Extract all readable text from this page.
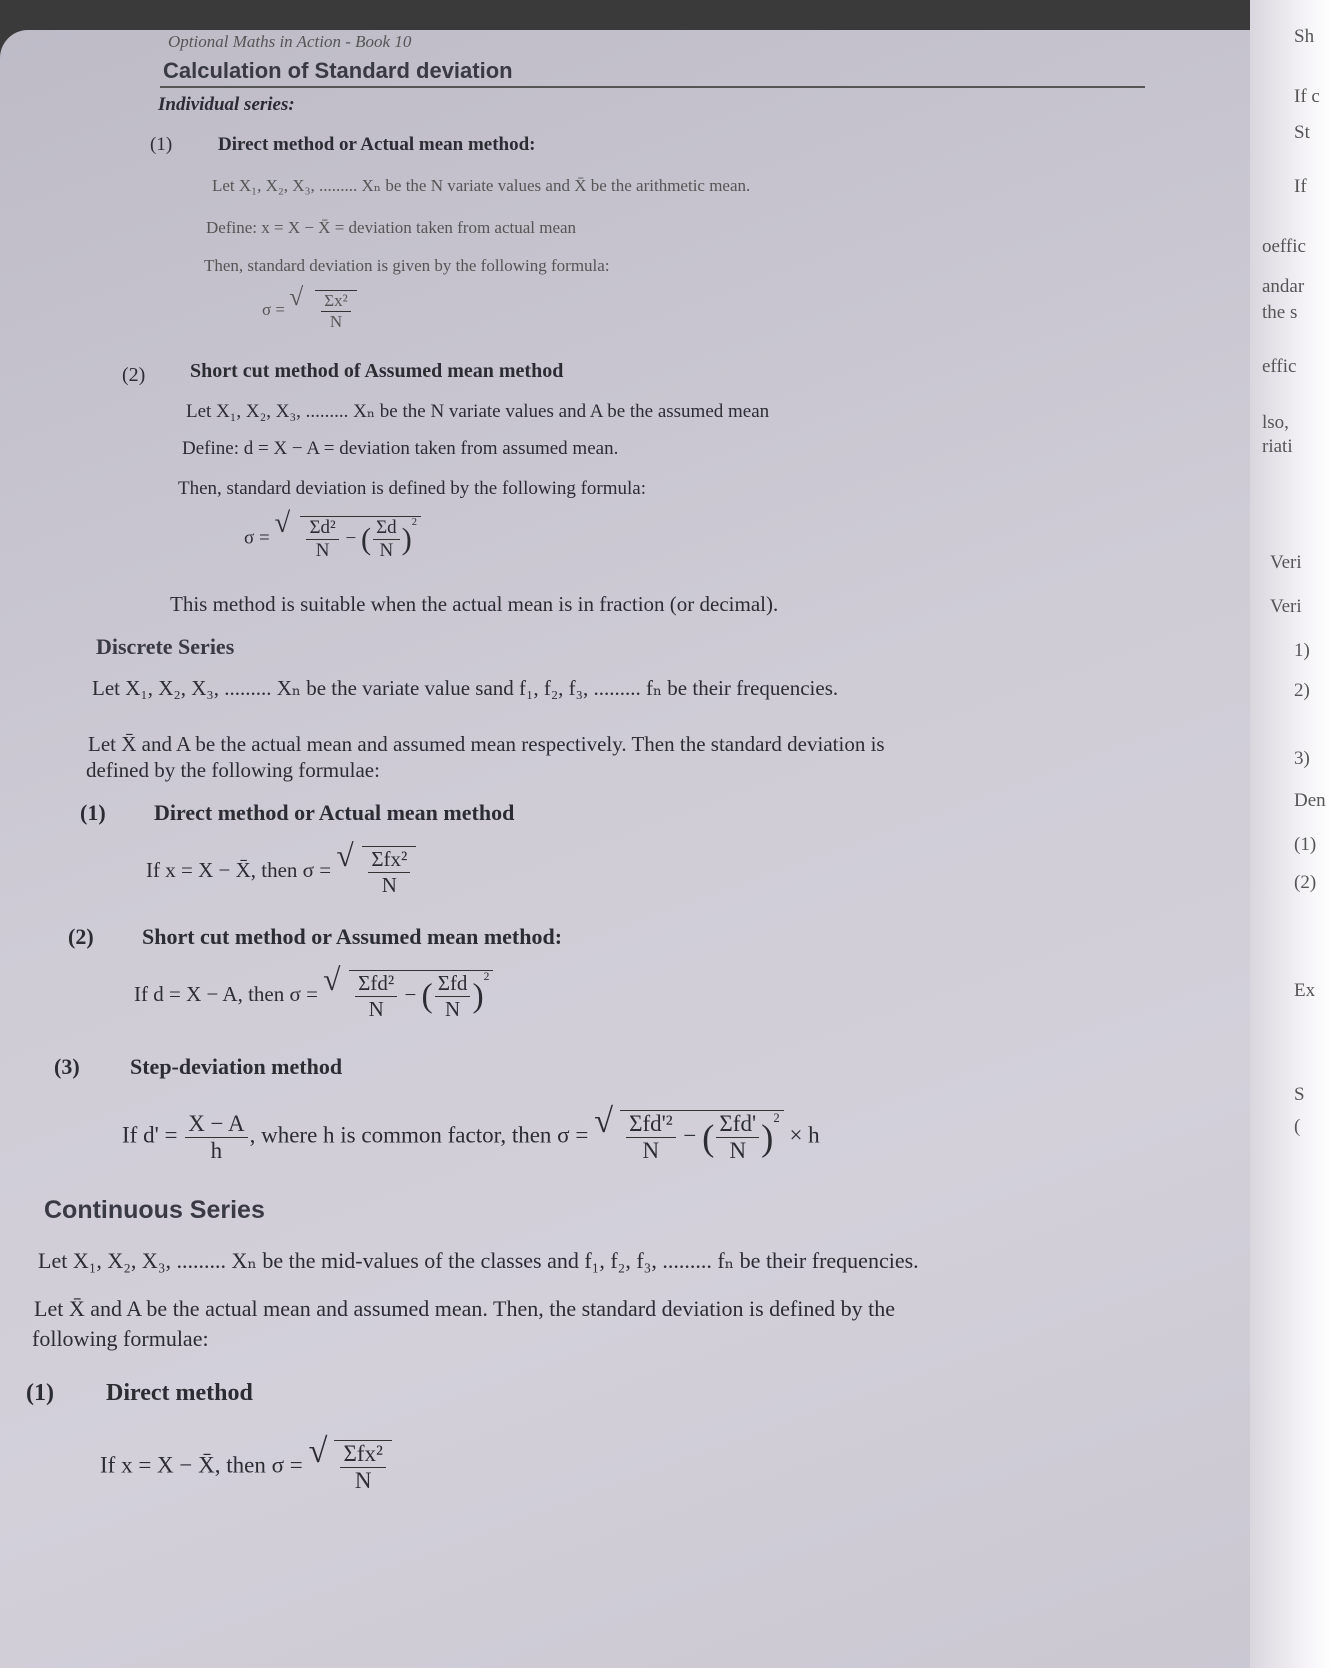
Optional Maths in Action - Book 10
Calculation of Standard deviation
Individual series:
(1) Direct method or Actual mean method:
Let X₁, X₂, X₃, ......... Xₙ be the N variate values and X̄ be the arithmetic mean.
Define: x = X − X̄ = deviation taken from actual mean
Then, standard deviation is given by the following formula:
σ = √ $\frac{\text{Σx²}}{N}$
(2) Short cut method of Assumed mean method
Let X₁, X₂, X₃, ......... Xₙ be the N variate values and A be the assumed mean
Define: d = X − A = deviation taken from assumed mean.
Then, standard deviation is defined by the following formula:
σ = √ $\frac{\text{Σd²}}{N}$ − ( $\frac{\Sigma d}{N} )^2$
This method is suitable when the actual mean is in fraction (or decimal).
Discrete Series
Let X₁, X₂, X₃, ......... Xₙ be the variate value sand f₁, f₂, f₃, ......... fₙ be their frequencies.
Let X̄ and A be the actual mean and assumed mean respectively. Then the standard deviation is
defined by the following formulae:
(1) Direct method or Actual mean method
If x = X − X̄, then σ = √ $\frac{\text{Σfx²}}{N}$
(2) Short cut method or Assumed mean method:
If d = X − A, then σ = √ $\frac{\text{Σfd²}}{N}$ − ( $\frac{\text{Σfd}}{N} )^2$
(3) Step-deviation method
If $d' = \frac{X - A}{h}$ , where h is common factor, then σ = √ $\frac{\text{Σfd'²}}{N}$ − ( $\frac{\text{Σfd'}}{N} )^2 \times h$
Continuous Series
Let X₁, X₂, X₃, ......... Xₙ be the mid-values of the classes and f₁, f₂, f₃, ......... fₙ be their frequencies.
Let X̄ and A be the actual mean and assumed mean. Then, the standard deviation is defined by the
following formulae:
(1) Direct method
If x = X − X̄, then σ = √ $\frac{\text{Σfx²}}{N}$
Sh
If c
St
If
oeffic
andar
the s
effic
lso,
riati
Veri
Veri
1)
2)
3)
Den
(1)
(2)
Ex
S
(
